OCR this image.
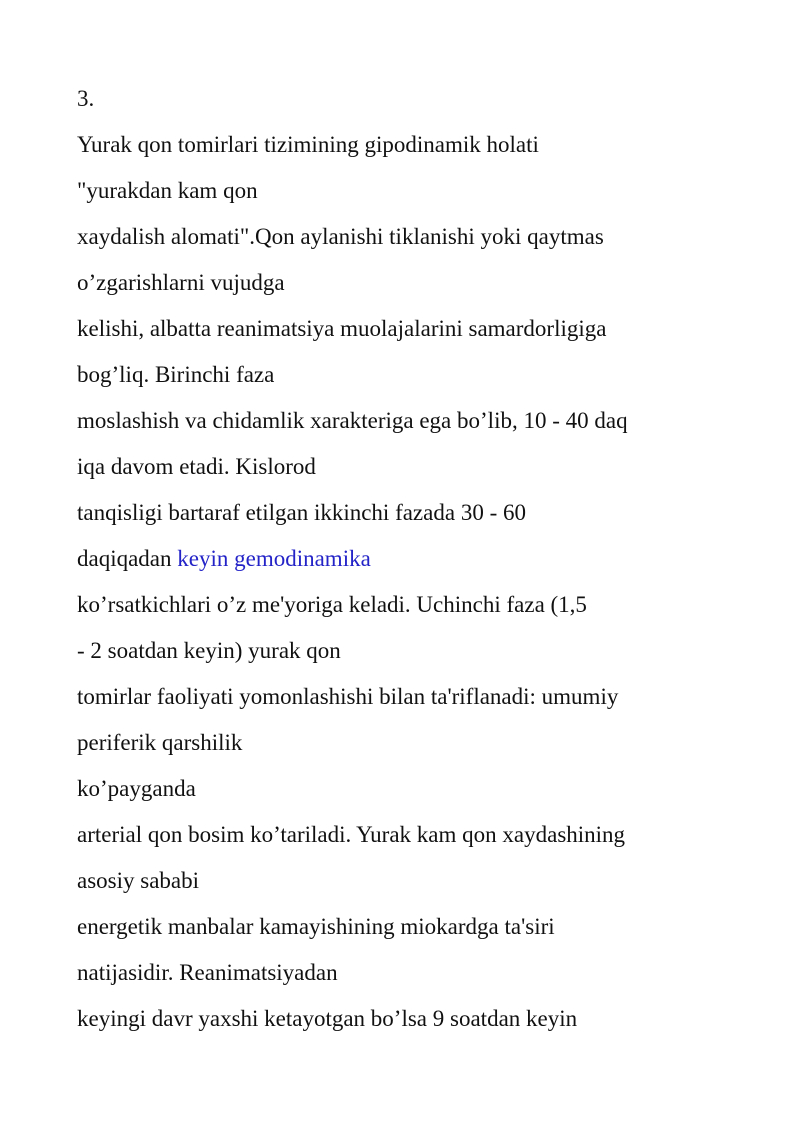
3.
Yurak qon tomirlari tizimining gipodinamik holati
"yurakdan kam qon
xaydalish alomati".Qon aylanishi tiklanishi yoki qaytmas
o’zgarishlarni vujudga
kelishi, albatta reanimatsiya muolajalarini samardorligiga
bog’liq. Birinchi faza
moslashish va chidamlik xarakteriga ega bo’lib, 10 - 40 daq
iqa davom etadi. Kislorod
tanqisligi bartaraf etilgan ikkinchi fazada 30 - 60
daqiqadan keyin gemodinamika
ko’rsatkichlari o’z me'yoriga keladi. Uchinchi faza (1,5
- 2 soatdan keyin) yurak qon
tomirlar faoliyati yomonlashishi bilan ta'riflanadi: umumiy
periferik qarshilik
ko’payganda
arterial qon bosim ko’tariladi. Yurak kam qon xaydashining
asosiy sababi
energetik manbalar kamayishining miokardga ta'siri
natijasidir. Reanimatsiyadan
keyingi davr yaxshi ketayotgan bo’lsa 9 soatdan keyin
